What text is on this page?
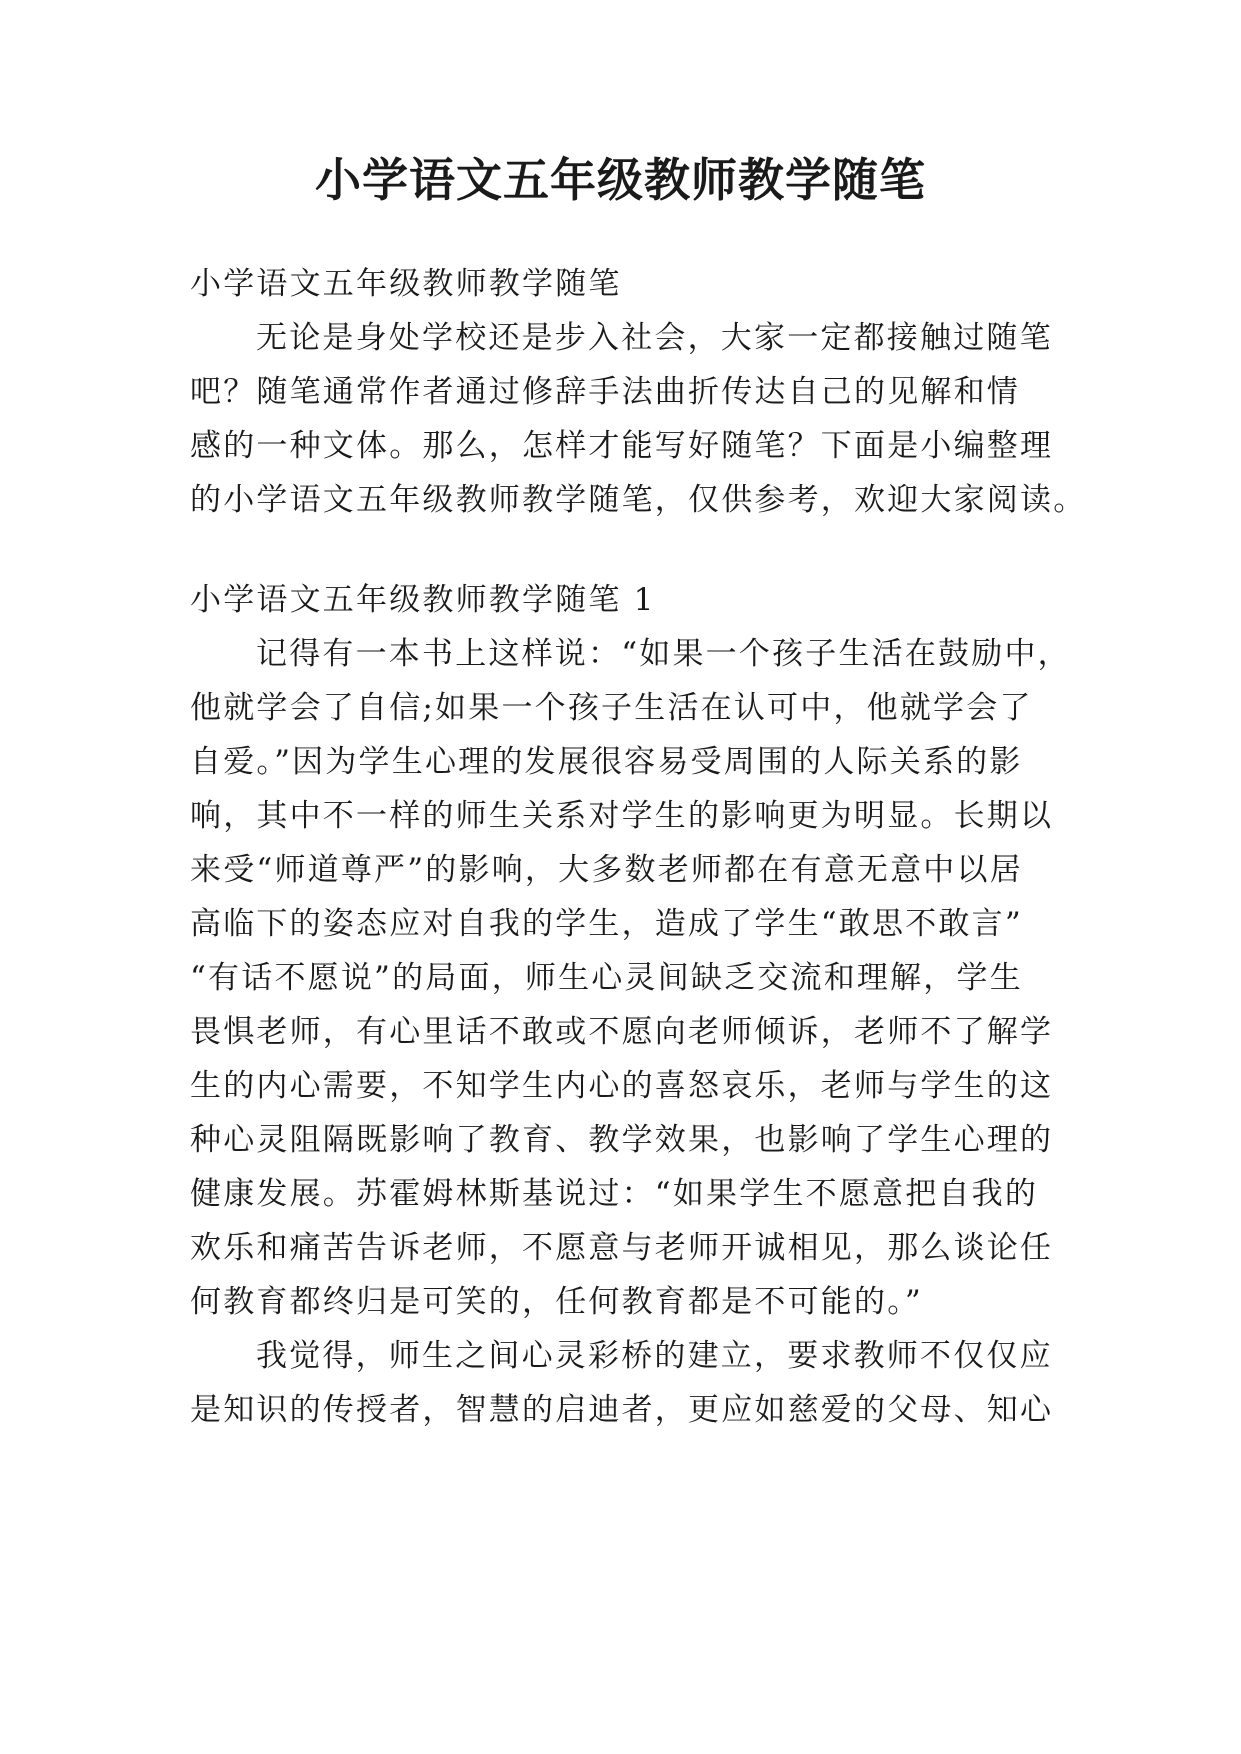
小学语文五年级教师教学随笔
小学语文五年级教师教学随笔
无论是身处学校还是步入社会，大家一定都接触过随笔
吧？随笔通常作者通过修辞手法曲折传达自己的见解和情
感的一种文体。那么，怎样才能写好随笔？下面是小编整理
的小学语文五年级教师教学随笔，仅供参考，欢迎大家阅读。
小学语文五年级教师教学随笔 1
记得有一本书上这样说：“如果一个孩子生活在鼓励中，
他就学会了自信;如果一个孩子生活在认可中，他就学会了
自爱。”因为学生心理的发展很容易受周围的人际关系的影
响，其中不一样的师生关系对学生的影响更为明显。长期以
来受“师道尊严”的影响，大多数老师都在有意无意中以居
高临下的姿态应对自我的学生，造成了学生“敢思不敢言”
“有话不愿说”的局面，师生心灵间缺乏交流和理解，学生
畏惧老师，有心里话不敢或不愿向老师倾诉，老师不了解学
生的内心需要，不知学生内心的喜怒哀乐，老师与学生的这
种心灵阻隔既影响了教育、教学效果，也影响了学生心理的
健康发展。苏霍姆林斯基说过：“如果学生不愿意把自我的
欢乐和痛苦告诉老师，不愿意与老师开诚相见，那么谈论任
何教育都终归是可笑的，任何教育都是不可能的。”
我觉得，师生之间心灵彩桥的建立，要求教师不仅仅应
是知识的传授者，智慧的启迪者，更应如慈爱的父母、知心
